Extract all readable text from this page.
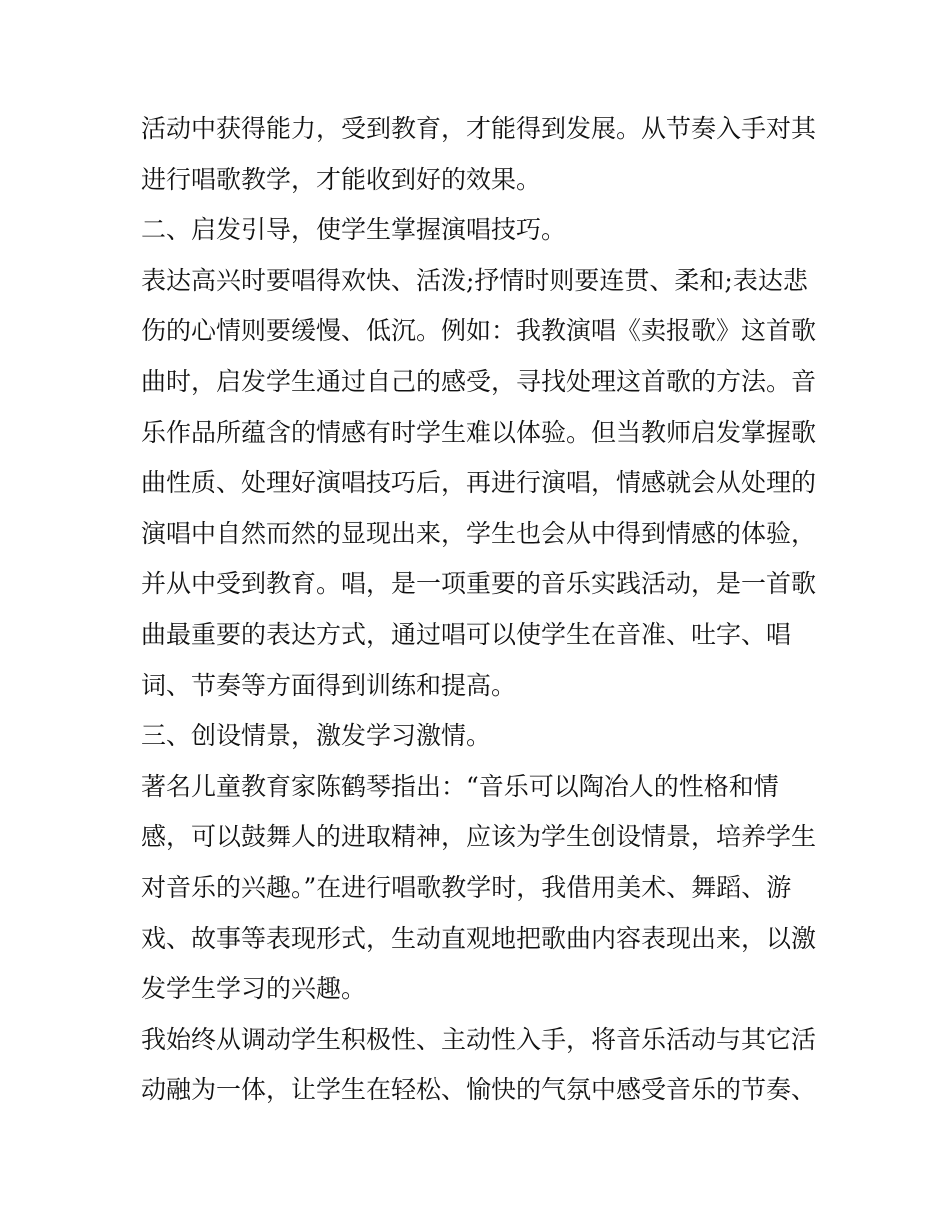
活动中获得能力，受到教育，才能得到发展。从节奏入手对其
进行唱歌教学，才能收到好的效果。
二、启发引导，使学生掌握演唱技巧。
表达高兴时要唱得欢快、活泼;抒情时则要连贯、柔和;表达悲
伤的心情则要缓慢、低沉。例如：我教演唱《卖报歌》这首歌
曲时，启发学生通过自己的感受，寻找处理这首歌的方法。音
乐作品所蕴含的情感有时学生难以体验。但当教师启发掌握歌
曲性质、处理好演唱技巧后，再进行演唱，情感就会从处理的
演唱中自然而然的显现出来，学生也会从中得到情感的体验，
并从中受到教育。唱，是一项重要的音乐实践活动，是一首歌
曲最重要的表达方式，通过唱可以使学生在音准、吐字、唱
词、节奏等方面得到训练和提高。
三、创设情景，激发学习激情。
著名儿童教育家陈鹤琴指出：“音乐可以陶冶人的性格和情
感，可以鼓舞人的进取精神，应该为学生创设情景，培养学生
对音乐的兴趣。”在进行唱歌教学时，我借用美术、舞蹈、游
戏、故事等表现形式，生动直观地把歌曲内容表现出来，以激
发学生学习的兴趣。
我始终从调动学生积极性、主动性入手，将音乐活动与其它活
动融为一体，让学生在轻松、愉快的气氛中感受音乐的节奏、
